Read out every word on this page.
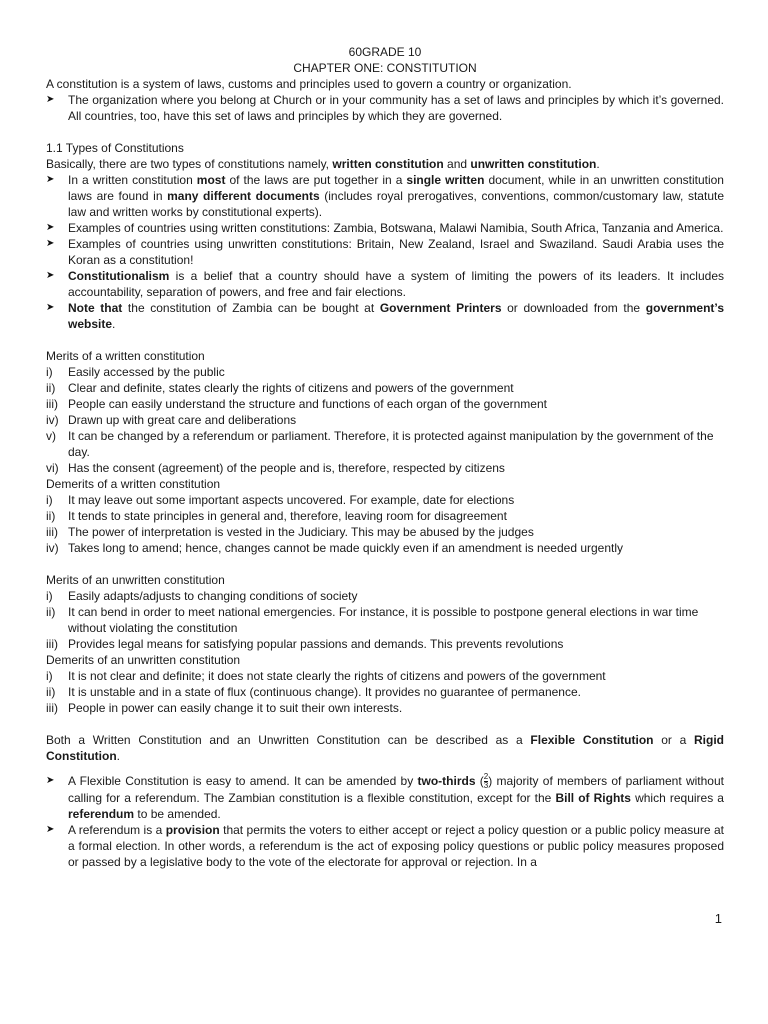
60GRADE 10

CHAPTER ONE: CONSTITUTION

A constitution is a system of laws, customs and principles used to govern a country or organization.

➤	The organization where you belong at Church or in your community has a set of laws and principles by which it’s governed. All countries, too, have this set of laws and principles by which they are governed.

1.1 Types of Constitutions

Basically, there are two types of constitutions namely, written constitution and unwritten constitution.

➤	In a written constitution most of the laws are put together in a single written document, while in an unwritten constitution laws are found in many different documents (includes royal prerogatives, conventions, common/customary law, statute law and written works by constitutional experts).
➤	Examples of countries using written constitutions: Zambia, Botswana, Malawi Namibia, South Africa, Tanzania and America.
➤	Examples of countries using unwritten constitutions: Britain, New Zealand, Israel and Swaziland. Saudi Arabia uses the Koran as a constitution!
➤	Constitutionalism is a belief that a country should have a system of limiting the powers of its leaders. It includes accountability, separation of powers, and free and fair elections.
➤	Note that the constitution of Zambia can be bought at Government Printers or downloaded from the government’s website.

Merits of a written constitution

i)	Easily accessed by the public
ii)	Clear and definite, states clearly the rights of citizens and powers of the government
iii) People can easily understand the structure and functions of each organ of the government
iv) Drawn up with great care and deliberations
v)	It can be changed by a referendum or parliament. Therefore, it is protected against manipulation by the government of the day.
vi) Has the consent (agreement) of the people and is, therefore, respected by citizens

Demerits of a written constitution

i)	It may leave out some important aspects uncovered. For example, date for elections
ii)	It tends to state principles in general and, therefore, leaving room for disagreement
iii) The power of interpretation is vested in the Judiciary. This may be abused by the judges
iv) Takes long to amend; hence, changes cannot be made quickly even if an amendment is needed urgently

Merits of an unwritten constitution

i)	Easily adapts/adjusts to changing conditions of society
ii)	It can bend in order to meet national emergencies. For instance, it is possible to postpone general elections in war time without violating the constitution
iii) Provides legal means for satisfying popular passions and demands. This prevents revolutions

Demerits of an unwritten constitution

i)	It is not clear and definite; it does not state clearly the rights of citizens and powers of the government
ii)	It is unstable and in a state of flux (continuous change). It provides no guarantee of permanence.
iii) People in power can easily change it to suit their own interests.

Both a Written Constitution and an Unwritten Constitution can be described as a Flexible Constitution or a Rigid Constitution.

➤	A Flexible Constitution is easy to amend. It can be amended by two-thirds ( $\frac{2}{3}$ ) majority of members of parliament without calling for a referendum. The Zambian constitution is a flexible constitution, except for the Bill of Rights which requires a referendum to be amended.
➤	A referendum is a provision that permits the voters to either accept or reject a policy question or a public policy measure at a formal election. In other words, a referendum is the act of exposing policy questions or public policy measures proposed or passed by a legislative body to the vote of the electorate for approval or rejection. In a
1
